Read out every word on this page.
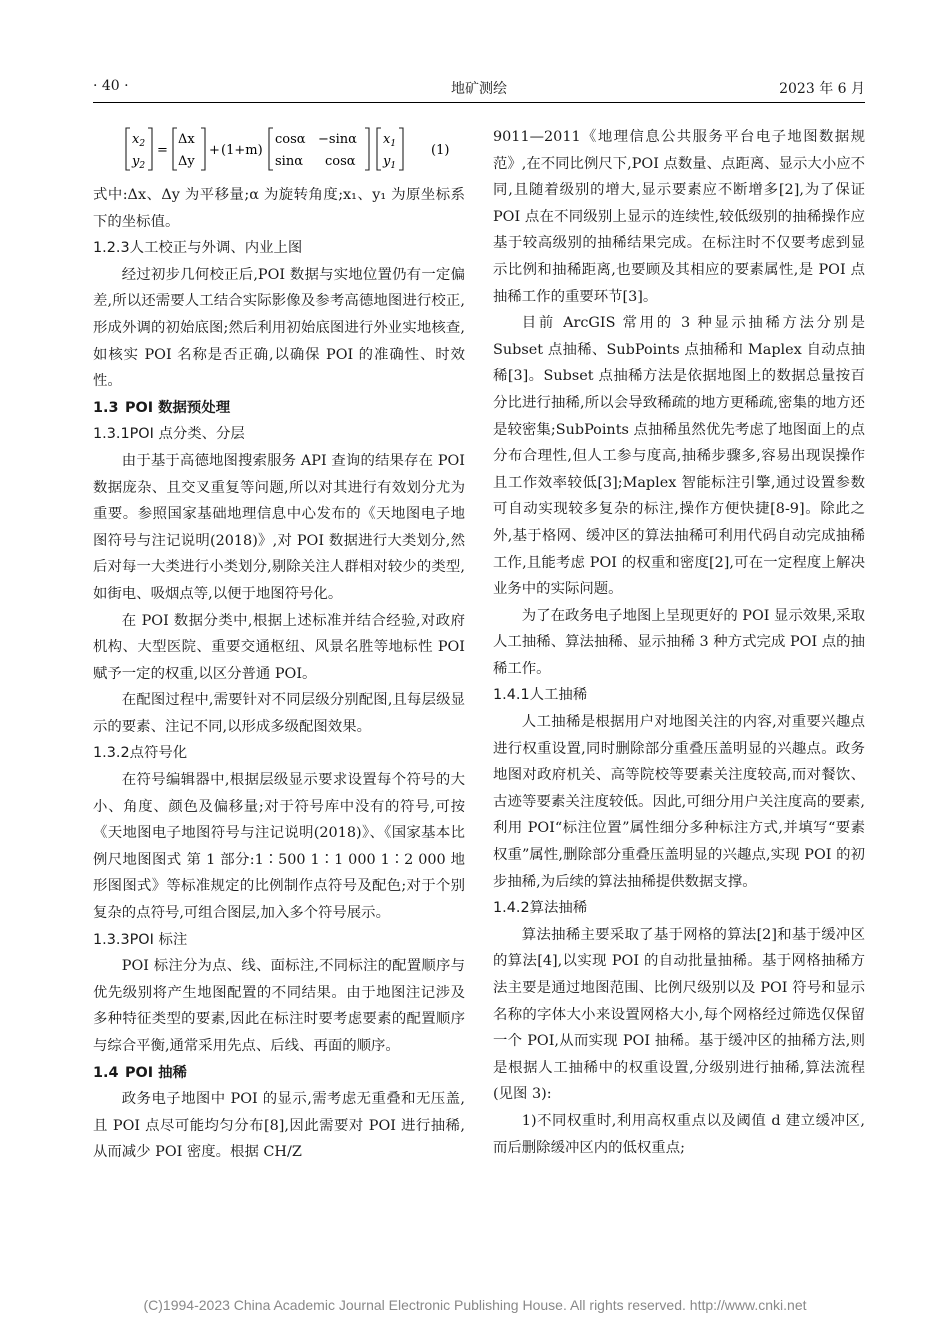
· 40 ·	地矿测绘	2023 年 6 月
$x_2$
$y_2$
=
Δx
Δy
+ (1+m)
cosα −sinα
sinα cosα
$x_1$
$y_1$
(1)

式中:Δx、Δy 为平移量;α 为旋转角度;x₁、y₁ 为原坐标系下的坐标值。

1.2.3人工校正与外调、内业上图

经过初步几何校正后,POI 数据与实地位置仍有一定偏差,所以还需要人工结合实际影像及参考高德地图进行校正,形成外调的初始底图;然后利用初始底图进行外业实地核查,如核实 POI 名称是否正确,以确保 POI 的准确性、时效性。

1.3 POI 数据预处理

1.3.1POI 点分类、分层

由于基于高德地图搜索服务 API 查询的结果存在 POI 数据庞杂、且交叉重复等问题,所以对其进行有效划分尤为重要。参照国家基础地理信息中心发布的《天地图电子地图符号与注记说明(2018)》,对 POI 数据进行大类划分,然后对每一大类进行小类划分,剔除关注人群相对较少的类型,如街电、吸烟点等,以便于地图符号化。

在 POI 数据分类中,根据上述标准并结合经验,对政府机构、大型医院、重要交通枢纽、风景名胜等地标性 POI 赋予一定的权重,以区分普通 POI。

在配图过程中,需要针对不同层级分别配图,且每层级显示的要素、注记不同,以形成多级配图效果。

1.3.2点符号化

在符号编辑器中,根据层级显示要求设置每个符号的大小、角度、颜色及偏移量;对于符号库中没有的符号,可按《天地图电子地图符号与注记说明(2018)》、《国家基本比例尺地图图式 第 1 部分:1∶500 1∶1 000 1∶2 000 地形图图式》等标准规定的比例制作点符号及配色;对于个别复杂的点符号,可组合图层,加入多个符号展示。

1.3.3POI 标注

POI 标注分为点、线、面标注,不同标注的配置顺序与优先级别将产生地图配置的不同结果。由于地图注记涉及多种特征类型的要素,因此在标注时要考虑要素的配置顺序与综合平衡,通常采用先点、后线、再面的顺序。

1.4 POI 抽稀

政务电子地图中 POI 的显示,需考虑无重叠和无压盖,且 POI 点尽可能均匀分布[8],因此需要对 POI 进行抽稀,从而减少 POI 密度。根据 CH/Z

9011—2011《地理信息公共服务平台电子地图数据规范》,在不同比例尺下,POI 点数量、点距离、显示大小应不同,且随着级别的增大,显示要素应不断增多[2],为了保证 POI 点在不同级别上显示的连续性,较低级别的抽稀操作应基于较高级别的抽稀结果完成。在标注时不仅要考虑到显示比例和抽稀距离,也要顾及其相应的要素属性,是 POI 点抽稀工作的重要环节[3]。

目前 ArcGIS 常用的 3 种显示抽稀方法分别是 Subset 点抽稀、SubPoints 点抽稀和 Maplex 自动点抽稀[3]。Subset 点抽稀方法是依据地图上的数据总量按百分比进行抽稀,所以会导致稀疏的地方更稀疏,密集的地方还是较密集;SubPoints 点抽稀虽然优先考虑了地图面上的点分布合理性,但人工参与度高,抽稀步骤多,容易出现误操作且工作效率较低[3];Maplex 智能标注引擎,通过设置参数可自动实现较多复杂的标注,操作方便快捷[8-9]。除此之外,基于格网、缓冲区的算法抽稀可利用代码自动完成抽稀工作,且能考虑 POI 的权重和密度[2],可在一定程度上解决业务中的实际问题。

为了在政务电子地图上呈现更好的 POI 显示效果,采取人工抽稀、算法抽稀、显示抽稀 3 种方式完成 POI 点的抽稀工作。

1.4.1人工抽稀

人工抽稀是根据用户对地图关注的内容,对重要兴趣点进行权重设置,同时删除部分重叠压盖明显的兴趣点。政务地图对政府机关、高等院校等要素关注度较高,而对餐饮、古迹等要素关注度较低。因此,可细分用户关注度高的要素,利用 POI“标注位置”属性细分多种标注方式,并填写“要素权重”属性,删除部分重叠压盖明显的兴趣点,实现 POI 的初步抽稀,为后续的算法抽稀提供数据支撑。

1.4.2算法抽稀

算法抽稀主要采取了基于网格的算法[2]和基于缓冲区的算法[4],以实现 POI 的自动批量抽稀。基于网格抽稀方法主要是通过地图范围、比例尺级别以及 POI 符号和显示名称的字体大小来设置网格大小,每个网格经过筛选仅保留一个 POI,从而实现 POI 抽稀。基于缓冲区的抽稀方法,则是根据人工抽稀中的权重设置,分级别进行抽稀,算法流程(见图 3):

1)不同权重时,利用高权重点以及阈值 d 建立缓冲区,而后删除缓冲区内的低权重点;

(C)1994-2023 China Academic Journal Electronic Publishing House. All rights reserved. http://www.cnki.net
